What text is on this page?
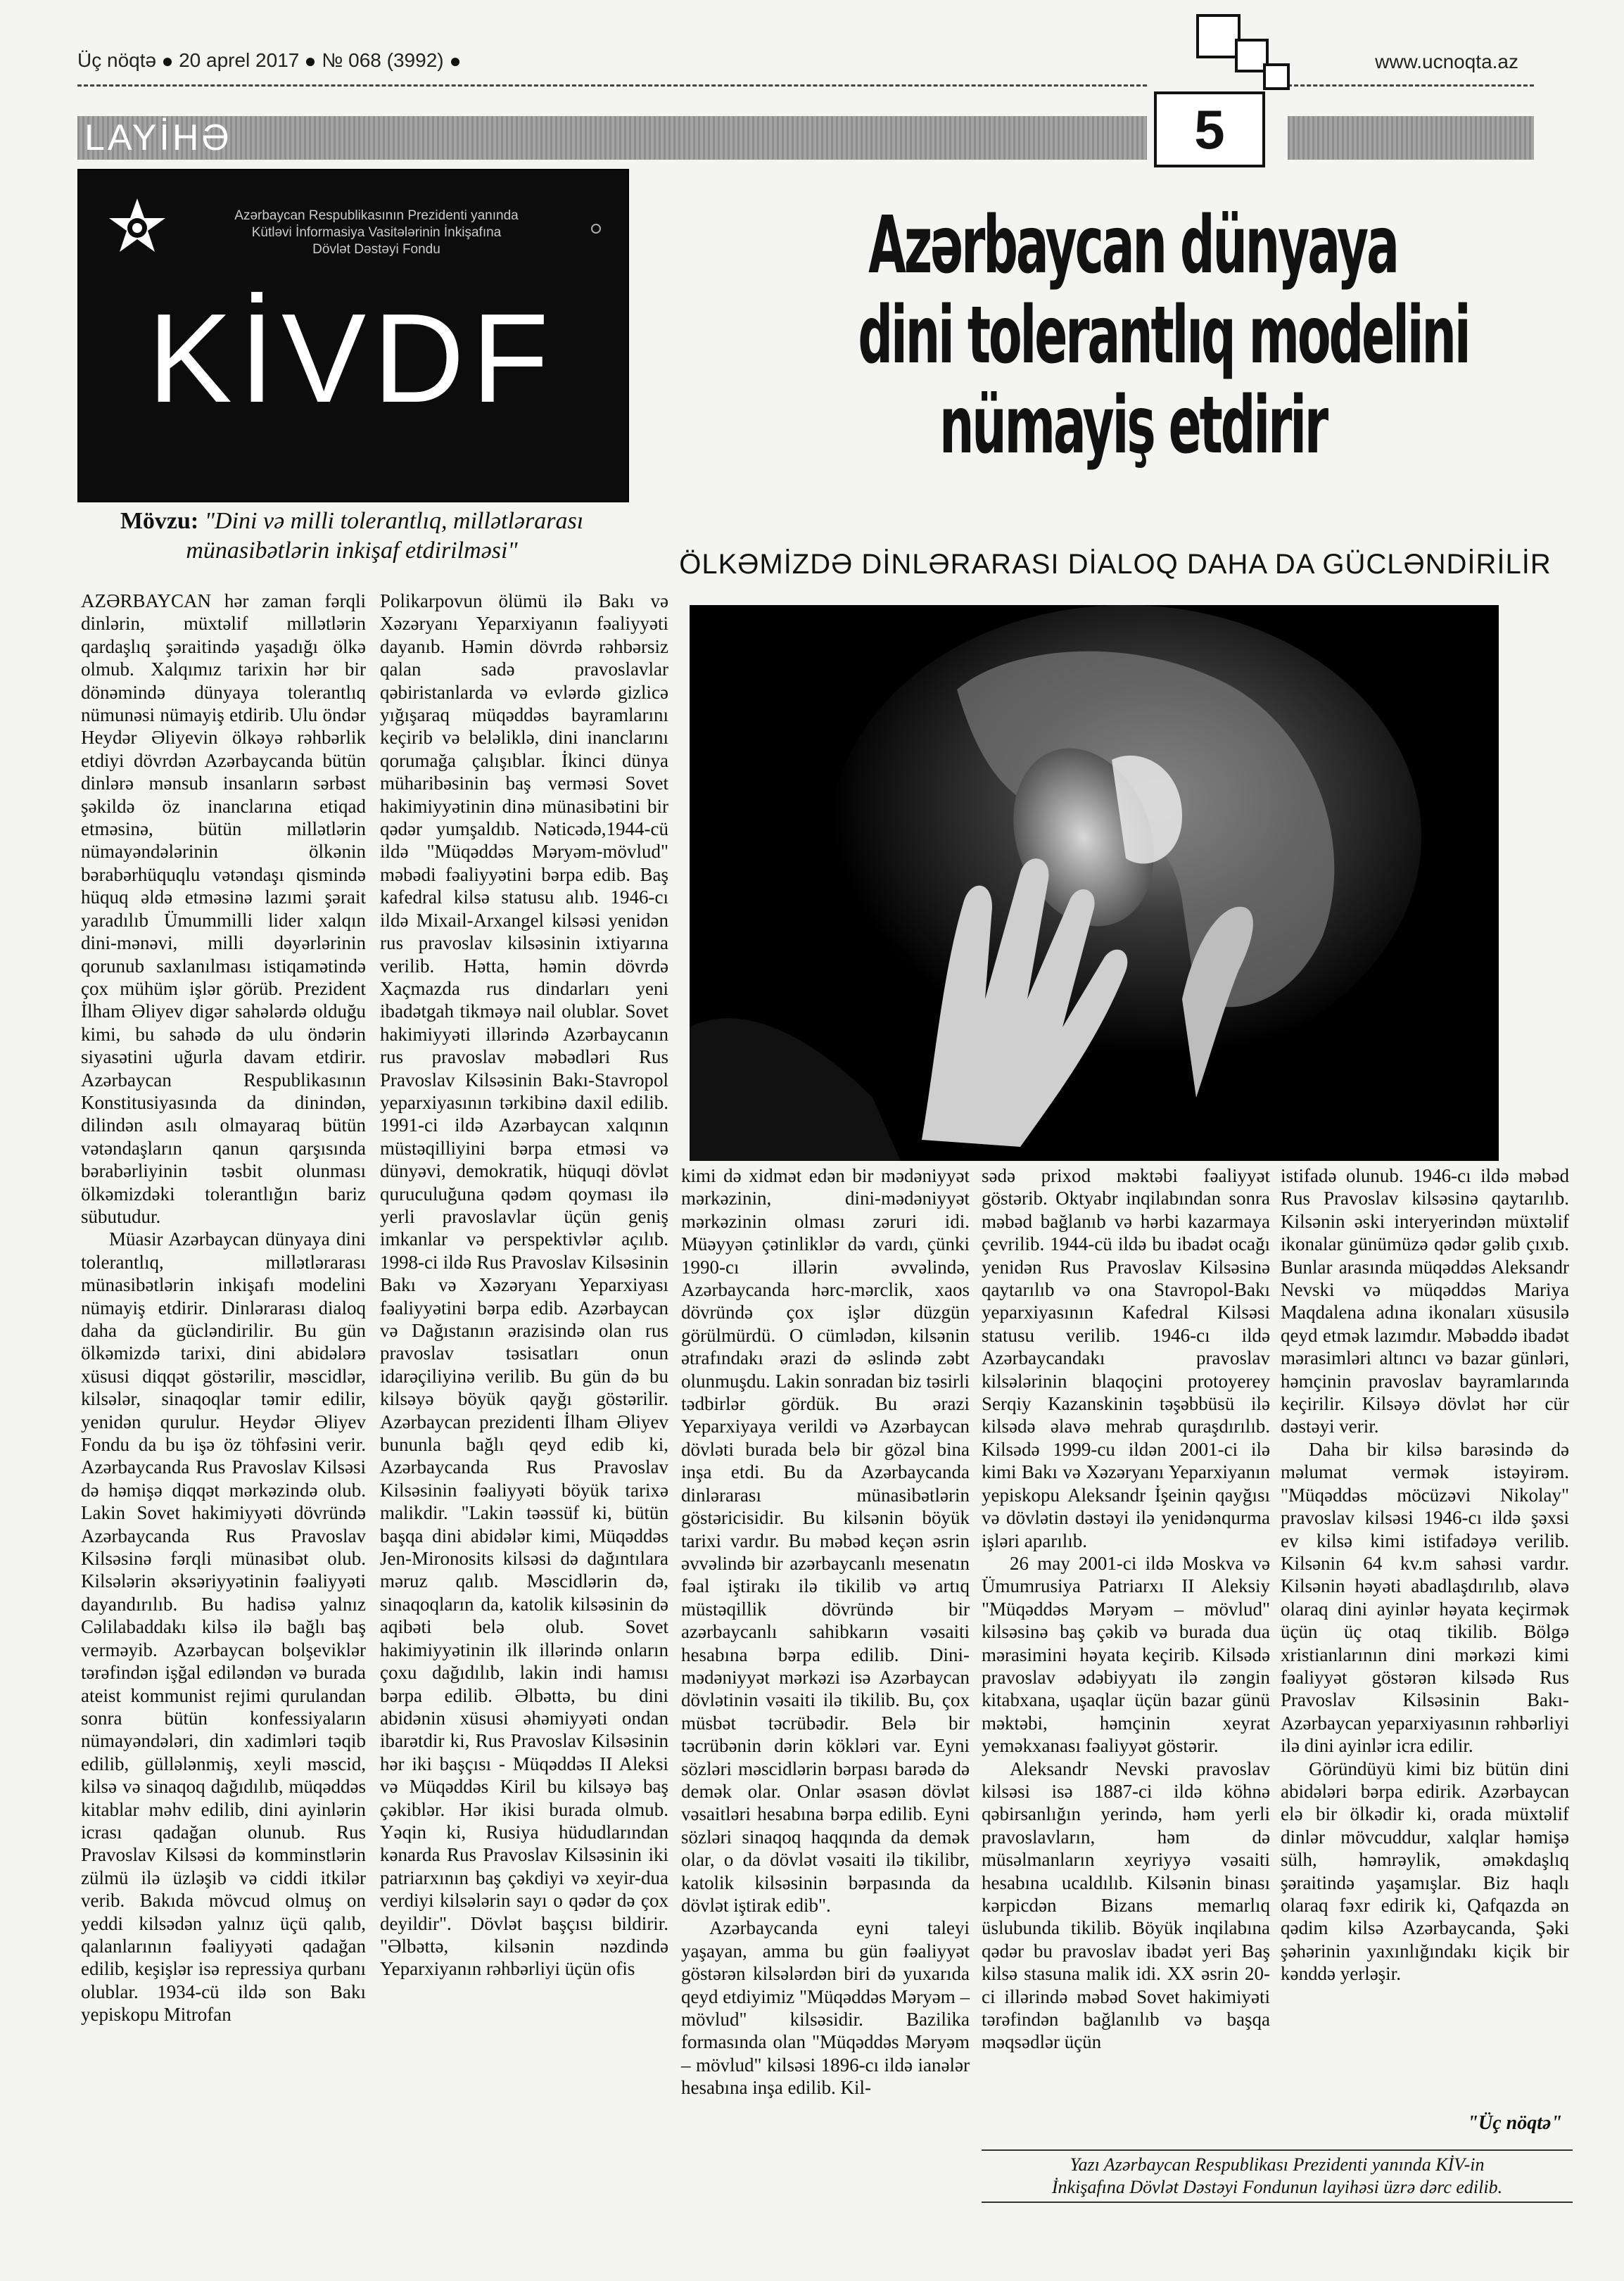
Üç nöqtə 20 aprel 2017 № 068 (3992)	www.ucnoqta.az
LAYİHƏ	5
Azərbaycan Respublikasının Prezidenti yanında
Kütləvi İnformasiya Vasitələrinin İnkişafına
Dövlət Dəstəyi Fondu
KİVDF
Mövzu: "Dini və milli tolerantlıq, millətlərarası münasibətlərin inkişaf etdirilməsi"
Azərbaycan dünyaya
dini tolerantlıq modelini
nümayiş etdirir
ÖLKƏMİZDƏ DİNLƏRARASI DİALOQ DAHA DA GÜCLƏNDİRİLİR

AZƏRBAYCAN hər zaman fərqli dinlərin, müxtəlif millətlərin qardaşlıq şəraitində yaşadığı ölkə olmub. Xalqımız tarixin hər bir dönəmində dünyaya tolerantlıq nümunəsi nümayiş etdirib. Ulu öndər Heydər Əliyevin ölkəyə rəhbərlik etdiyi dövrdən Azərbaycanda bütün dinlərə mənsub insanların sərbəst şəkildə öz inanclarına etiqad etməsinə, bütün millətlərin nümayəndələrinin ölkənin bərabərhüquqlu vətəndaşı qismində hüquq əldə etməsinə lazımi şərait yaradılıb Ümummilli lider xalqın dini-mənəvi, milli dəyərlərinin qorunub saxlanılması istiqamətində çox mühüm işlər görüb. Prezident İlham Əliyev digər sahələrdə olduğu kimi, bu sahədə də ulu öndərin siyasətini uğurla davam etdirir. Azərbaycan Respublikasının Konstitusiyasında da dinindən, dilindən asılı olmayaraq bütün vətəndaşların qanun qarşısında bərabərliyinin təsbit olunması ölkəmizdəki tolerantlığın bariz sübutudur.

Müasir Azərbaycan dünyaya dini tolerantlıq, millətlərarası münasibətlərin inkişafı modelini nümayiş etdirir. Dinlərarası dialoq daha da gücləndirilir. Bu gün ölkəmizdə tarixi, dini abidələrə xüsusi diqqət göstərilir, məscidlər, kilsələr, sinaqoqlar təmir edilir, yenidən qurulur. Heydər Əliyev Fondu da bu işə öz töhfəsini verir. Azərbaycanda Rus Pravoslav Kilsəsi də həmişə diqqət mərkəzində olub. Lakin Sovet hakimiyyəti dövründə Azərbaycanda Rus Pravoslav Kilsəsinə fərqli münasibət olub. Kilsələrin əksəriyyətinin fəaliyyəti dayandırılıb. Bu hadisə yalnız Cəlilabaddakı kilsə ilə bağlı baş verməyib. Azərbaycan bolşeviklər tərəfindən işğal ediləndən və burada ateist kommunist rejimi qurulandan sonra bütün konfessiyaların nümayəndələri, din xadimləri təqib edilib, güllələnmiş, xeyli məscid, kilsə və sinaqoq dağıdılıb, müqəddəs kitablar məhv edilib, dini ayinlərin icrası qadağan olunub. Rus Pravoslav Kilsəsi də komminstlərin zülmü ilə üzləşib və ciddi itkilər verib. Bakıda mövcud olmuş on yeddi kilsədən yalnız üçü qalıb, qalanlarının fəaliyyəti qadağan edilib, keşişlər isə repressiya qurbanı olublar. 1934-cü ildə son Bakı yepiskopu Mitrofan

Polikarpovun ölümü ilə Bakı və Xəzəryanı Yeparxiyanın fəaliyyəti dayanıb. Həmin dövrdə rəhbərsiz qalan sadə pravoslavlar qəbiristanlarda və evlərdə gizlicə yığışaraq müqəddəs bayramlarını keçirib və beləliklə, dini inanclarını qorumağa çalışıblar. İkinci dünya müharibəsinin baş verməsi Sovet hakimiyyətinin dinə münasibətini bir qədər yumşaldıb. Nəticədə,1944-cü ildə "Müqəddəs Məryəm-mövlud" məbədi fəaliyyətini bərpa edib. Baş kafedral kilsə statusu alıb. 1946-cı ildə Mixail-Arxangel kilsəsi yenidən rus pravoslav kilsəsinin ixtiyarına verilib. Hətta, həmin dövrdə Xaçmazda rus dindarları yeni ibadətgah tikməyə nail olublar. Sovet hakimiyyəti illərində Azərbaycanın rus pravoslav məbədləri Rus Pravoslav Kilsəsinin Bakı-Stavropol yeparxiyasının tərkibinə daxil edilib. 1991-ci ildə Azərbaycan xalqının müstəqilliyini bərpa etməsi və dünyəvi, demokratik, hüquqi dövlət quruculuğuna qədəm qoyması ilə yerli pravoslavlar üçün geniş imkanlar və perspektivlər açılıb. 1998-ci ildə Rus Pravoslav Kilsəsinin Bakı və Xəzəryanı Yeparxiyası fəaliyyətini bərpa edib. Azərbaycan və Dağıstanın ərazisində olan rus pravoslav təsisatları onun idarəçiliyinə verilib. Bu gün də bu kilsəyə böyük qayğı göstərilir. Azərbaycan prezidenti İlham Əliyev bununla bağlı qeyd edib ki, Azərbaycanda Rus Pravoslav Kilsəsinin fəaliyyəti böyük tarixə malikdir. "Lakin təəssüf ki, bütün başqa dini abidələr kimi, Müqəddəs Jen-Mironosits kilsəsi də dağıntılara məruz qalıb. Məscidlərin də, sinaqoqların da, katolik kilsəsinin də aqibəti belə olub. Sovet hakimiyyətinin ilk illərində onların çoxu dağıdılıb, lakin indi hamısı bərpa edilib. Əlbəttə, bu dini abidənin xüsusi əhəmiyyəti ondan ibarətdir ki, Rus Pravoslav Kilsəsinin hər iki başçısı - Müqəddəs II Aleksi və Müqəddəs Kiril bu kilsəyə baş çəkiblər. Hər ikisi burada olmub. Yəqin ki, Rusiya hüdudlarından kənarda Rus Pravoslav Kilsəsinin iki patriarxının baş çəkdiyi və xeyir-dua verdiyi kilsələrin sayı o qədər də çox deyildir". Dövlət başçısı bildirir. "Əlbəttə, kilsənin nəzdində Yeparxiyanın rəhbərliyi üçün ofis

kimi də xidmət edən bir mədəniyyət mərkəzinin, dini-mədəniyyət mərkəzinin olması zəruri idi. Müəyyən çətinliklər də vardı, çünki 1990-cı illərin əvvəlində, Azərbaycanda hərc-mərclik, xaos dövründə çox işlər düzgün görülmürdü. O cümlədən, kilsənin ətrafındakı ərazi də əslində zəbt olunmuşdu. Lakin sonradan biz təsirli tədbirlər gördük. Bu ərazi Yeparxiyaya verildi və Azərbaycan dövləti burada belə bir gözəl bina inşa etdi. Bu da Azərbaycanda dinlərarası münasibətlərin göstəricisidir. Bu kilsənin böyük tarixi vardır. Bu məbəd keçən əsrin əvvəlində bir azərbaycanlı mesenatın fəal iştirakı ilə tikilib və artıq müstəqillik dövründə bir azərbaycanlı sahibkarın vəsaiti hesabına bərpa edilib. Dini-mədəniyyət mərkəzi isə Azərbaycan dövlətinin vəsaiti ilə tikilib. Bu, çox müsbət təcrübədir. Belə bir təcrübənin dərin kökləri var. Eyni sözləri məscidlərin bərpası barədə də demək olar. Onlar əsasən dövlət vəsaitləri hesabına bərpa edilib. Eyni sözləri sinaqoq haqqında da demək olar, o da dövlət vəsaiti ilə tikilibr, katolik kilsəsinin bərpasında da dövlət iştirak edib".

Azərbaycanda eyni taleyi yaşayan, amma bu gün fəaliyyət göstərən kilsələrdən biri də yuxarıda qeyd etdiyimiz "Müqəddəs Məryəm – mövlud" kilsəsidir. Bazilika formasında olan "Müqəddəs Məryəm – mövlud" kilsəsi 1896-cı ildə ianələr hesabına inşa edilib. Kil-

sədə prixod məktəbi fəaliyyət göstərib. Oktyabr inqilabından sonra məbəd bağlanıb və hərbi kazarmaya çevrilib. 1944-cü ildə bu ibadət ocağı yenidən Rus Pravoslav Kilsəsinə qaytarılıb və ona Stavropol-Bakı yeparxiyasının Kafedral Kilsəsi statusu verilib. 1946-cı ildə Azərbaycandakı pravoslav kilsələrinin blaqoçini protoyerey Serqiy Kazanskinin təşəbbüsü ilə kilsədə əlavə mehrab quraşdırılıb. Kilsədə 1999-cu ildən 2001-ci ilə kimi Bakı və Xəzəryanı Yeparxiyanın yepiskopu Aleksandr İşeinin qayğısı və dövlətin dəstəyi ilə yenidənqurma işləri aparılıb.

26 may 2001-ci ildə Moskva və Ümumrusiya Patriarxı II Aleksiy "Müqəddəs Məryəm – mövlud" kilsəsinə baş çəkib və burada dua mərasimini həyata keçirib. Kilsədə pravoslav ədəbiyyatı ilə zəngin kitabxana, uşaqlar üçün bazar günü məktəbi, həmçinin xeyrat yeməkxanası fəaliyyət göstərir.

Aleksandr Nevski pravoslav kilsəsi isə 1887-ci ildə köhnə qəbirsanlığın yerində, həm yerli pravoslavların, həm də müsəlmanların xeyriyyə vəsaiti hesabına ucaldılıb. Kilsənin binası kərpicdən Bizans memarlıq üslubunda tikilib. Böyük inqilabına qədər bu pravoslav ibadət yeri Baş kilsə stasuna malik idi. XX əsrin 20-ci illərində məbəd Sovet hakimiyəti tərəfindən bağlanılıb və başqa məqsədlər üçün

istifadə olunub. 1946-cı ildə məbəd Rus Pravoslav kilsəsinə qaytarılıb. Kilsənin əski interyerindən müxtəlif ikonalar günümüzə qədər gəlib çıxıb. Bunlar arasında müqəddəs Aleksandr Nevski və müqəddəs Mariya Maqdalena adına ikonaları xüsusilə qeyd etmək lazımdır. Məbəddə ibadət mərasimləri altıncı və bazar günləri, həmçinin pravoslav bayramlarında keçirilir. Kilsəyə dövlət hər cür dəstəyi verir.

Daha bir kilsə barəsində də məlumat vermək istəyirəm. "Müqəddəs möcüzəvi Nikolay" pravoslav kilsəsi 1946-cı ildə şəxsi ev kilsə kimi istifadəyə verilib. Kilsənin 64 kv.m sahəsi vardır. Kilsənin həyəti abadlaşdırılıb, əlavə olaraq dini ayinlər həyata keçirmək üçün üç otaq tikilib. Bölgə xristianlarının dini mərkəzi kimi fəaliyyət göstərən kilsədə Rus Pravoslav Kilsəsinin Bakı-Azərbaycan yeparxiyasının rəhbərliyi ilə dini ayinlər icra edilir.

Göründüyü kimi biz bütün dini abidələri bərpa edirik. Azərbaycan elə bir ölkədir ki, orada müxtəlif dinlər mövcuddur, xalqlar həmişə sülh, həmrəylik, əməkdaşlıq şəraitində yaşamışlar. Biz haqlı olaraq fəxr edirik ki, Qafqazda ən qədim kilsə Azərbaycanda, Şəki şəhərinin yaxınlığındakı kiçik bir kənddə yerləşir.

"Üç nöqtə"
Yazı Azərbaycan Respublikası Prezidenti yanında KİV-in
İnkişafına Dövlət Dəstəyi Fondunun layihəsi üzrə dərc edilib.
